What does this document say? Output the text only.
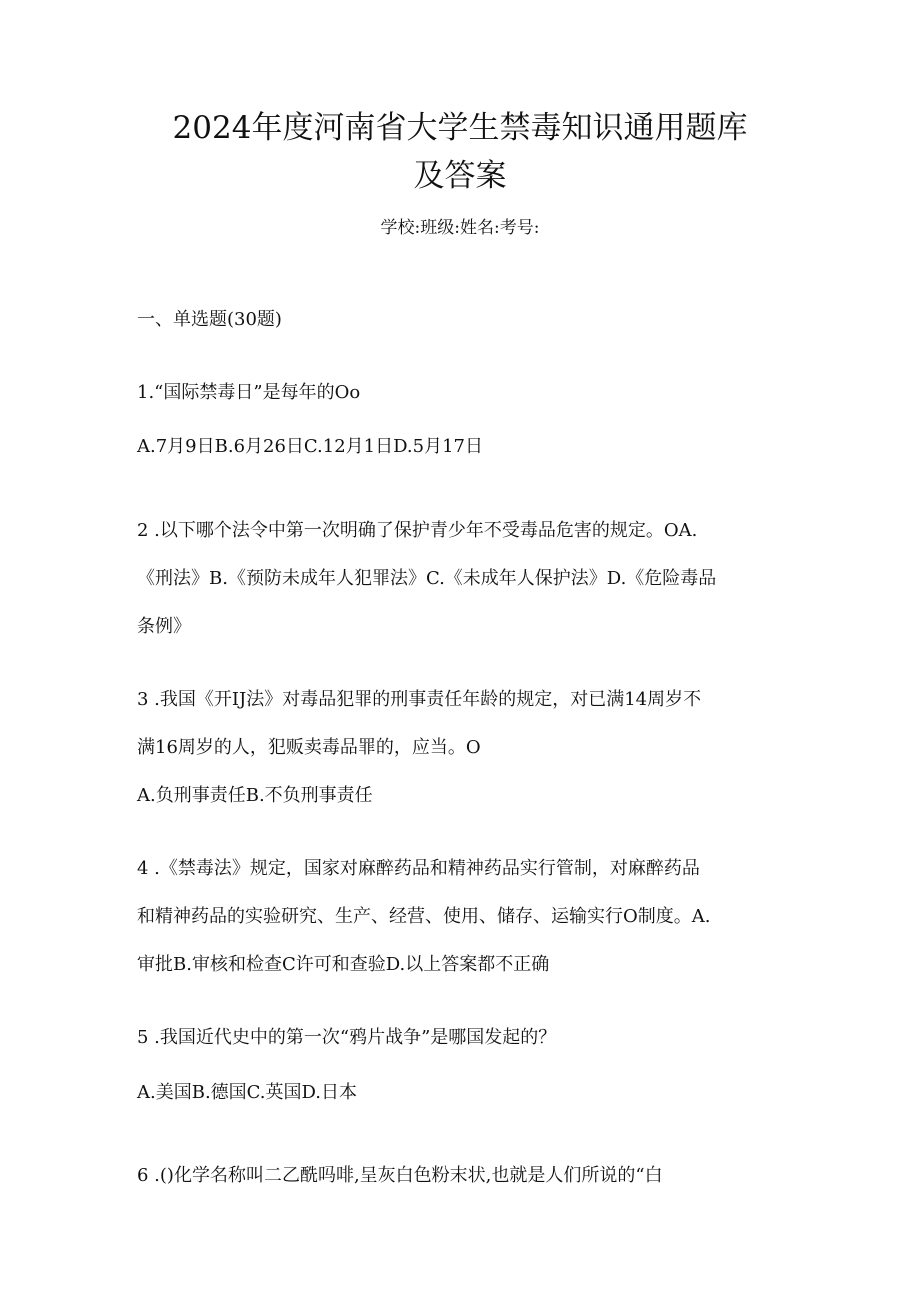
2024年度河南省大学生禁毒知识通用题库
及答案
学校:班级:姓名:考号:
一、单选题(30题)
1.“国际禁毒日”是每年的Oo
A.7月9日B.6月26日C.12月1日D.5月17日
2 .以下哪个法令中第一次明确了保护青少年不受毒品危害的规定。OA.
《刑法》B.《预防未成年人犯罪法》C.《未成年人保护法》D.《危险毒品
条例》
3 .我国《开IJ法》对毒品犯罪的刑事责任年龄的规定，对已满14周岁不
满16周岁的人，犯贩卖毒品罪的，应当。O
A.负刑事责任B.不负刑事责任
4 .《禁毒法》规定，国家对麻醉药品和精神药品实行管制，对麻醉药品
和精神药品的实验研究、生产、经营、使用、储存、运输实行O制度。A.
审批B.审核和检查C许可和查验D.以上答案都不正确
5 .我国近代史中的第一次“鸦片战争”是哪国发起的？
A.美国B.德国C.英国D.日本
6 .()化学名称叫二乙酰吗啡,呈灰白色粉末状,也就是人们所说的“白
